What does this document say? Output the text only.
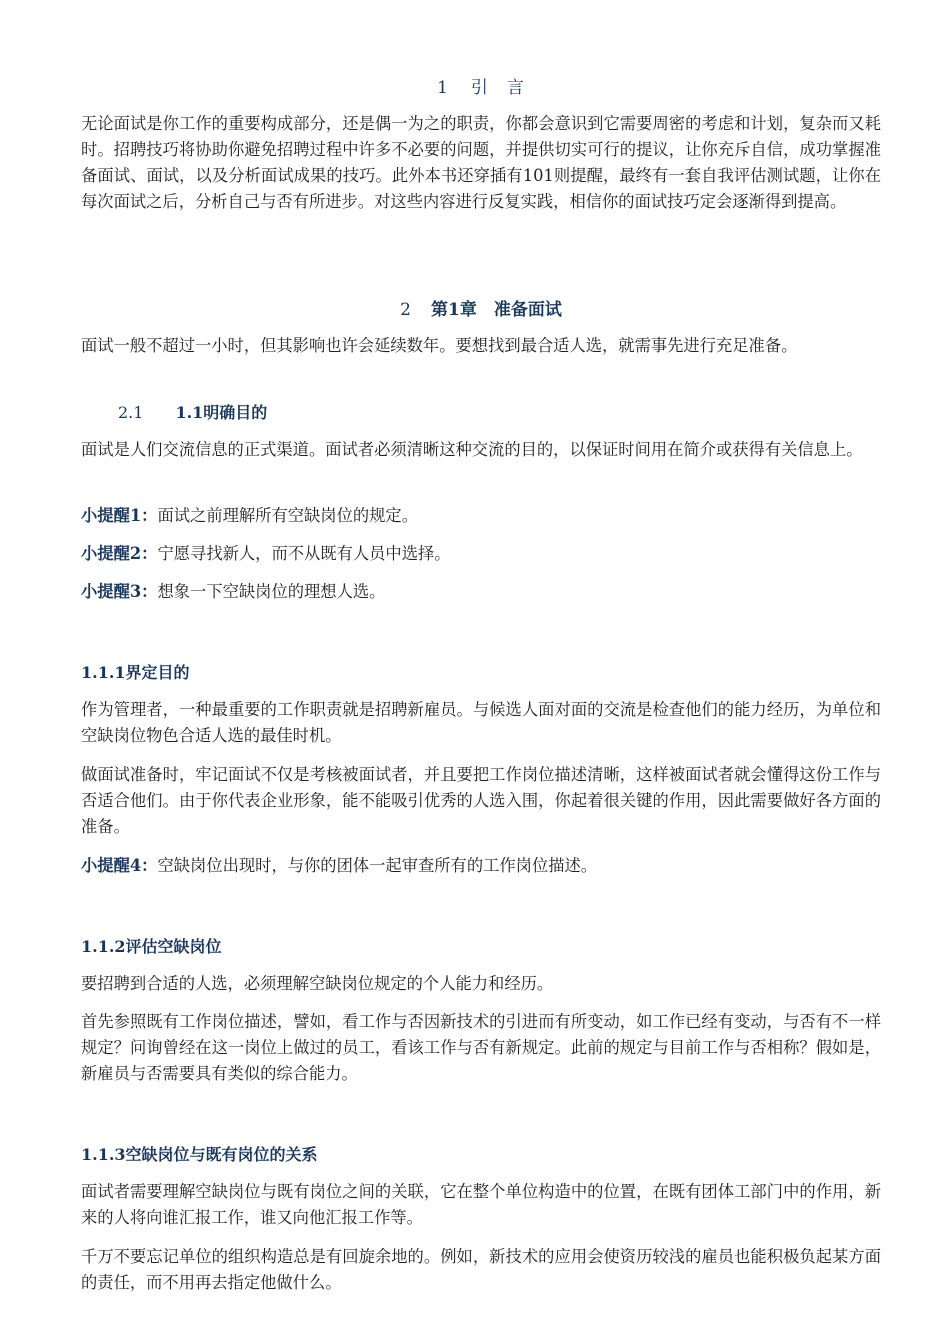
1 引　言
无论面试是你工作的重要构成部分，还是偶一为之的职责，你都会意识到它需要周密的考虑和计划，复杂而又耗时。招聘技巧将协助你避免招聘过程中许多不必要的问题，并提供切实可行的提议，让你充斥自信，成功掌握准备面试、面试，以及分析面试成果的技巧。此外本书还穿插有101则提醒，最终有一套自我评估测试题，让你在每次面试之后，分析自己与否有所进步。对这些内容进行反复实践，相信你的面试技巧定会逐渐得到提高。
2 第1章　准备面试
面试一般不超过一小时，但其影响也许会延续数年。要想找到最合适人选，就需事先进行充足准备。
2.1 1.1明确目的
面试是人们交流信息的正式渠道。面试者必须清晰这种交流的目的，以保证时间用在简介或获得有关信息上。
小提醒1：面试之前理解所有空缺岗位的规定。
小提醒2：宁愿寻找新人，而不从既有人员中选择。
小提醒3：想象一下空缺岗位的理想人选。
1.1.1界定目的
作为管理者，一种最重要的工作职责就是招聘新雇员。与候选人面对面的交流是检查他们的能力经历，为单位和空缺岗位物色合适人选的最佳时机。
做面试准备时，牢记面试不仅是考核被面试者，并且要把工作岗位描述清晰，这样被面试者就会懂得这份工作与否适合他们。由于你代表企业形象，能不能吸引优秀的人选入围，你起着很关键的作用，因此需要做好各方面的准备。
小提醒4：空缺岗位出现时，与你的团体一起审查所有的工作岗位描述。
1.1.2评估空缺岗位
要招聘到合适的人选，必须理解空缺岗位规定的个人能力和经历。
首先参照既有工作岗位描述，譬如，看工作与否因新技术的引进而有所变动，如工作已经有变动，与否有不一样规定？问询曾经在这一岗位上做过的员工，看该工作与否有新规定。此前的规定与目前工作与否相称？假如是，新雇员与否需要具有类似的综合能力。
1.1.3空缺岗位与既有岗位的关系
面试者需要理解空缺岗位与既有岗位之间的关联，它在整个单位构造中的位置，在既有团体工部门中的作用，新来的人将向谁汇报工作，谁又向他汇报工作等。
千万不要忘记单位的组织构造总是有回旋余地的。例如，新技术的应用会使资历较浅的雇员也能积极负起某方面的责任，而不用再去指定他做什么。
